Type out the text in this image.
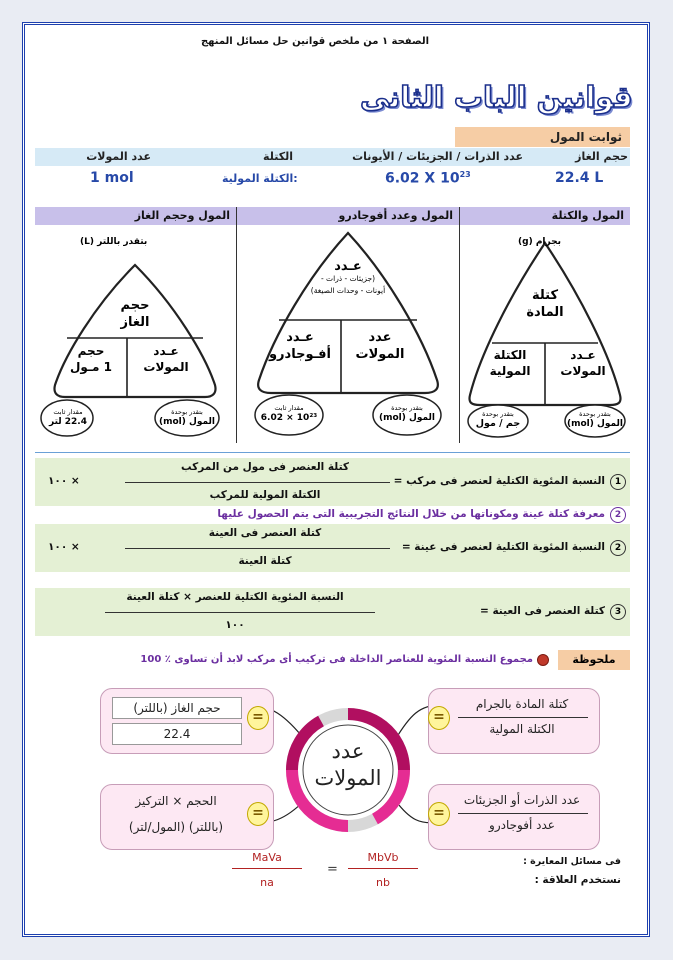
الصفحة ١ من ملخص قوانين حل مسائل المنهج
قوانين الباب الثانى
ثوابت المول
حجم الغاز
عدد الذرات / الجزيئات / الأيونات
الكتلة
عدد المولات
22.4 L
6.02 X $10^{23}$
:الكتلة المولية
1 mol
المول والكتلة
المول وعدد أفوجادرو
المول وحجم الغاز
بجرام (g)
كتلة
المادة
عـدد
المولات
الكتلة
المولية
بتقدر بوحدة
المول (mol)
بتقدر بوحدة
جم / مول
عـدد
(جزيئات - ذرات -
أيونات - وحدات الصيغة)
عدد
المولات
عـدد
أفـوجادرو
بتقدر بوحدة
المول (mol)
مقدار ثابت
10²³ × 6.02
بتقدر باللتر (L)
حجم
الغاز
عـدد
المولات
حجم
1 مـول
بتقدر بوحدة
المول (mol)
مقدار ثابت
22.4 لتر
1
النسبة المئوية الكتلية لعنصر فى مركب =
كتلة العنصر فى مول من المركب
الكتلة المولية للمركب
× ١٠٠
2
معرفة كتلة عينة ومكوناتها من خلال النتائج التجريبية التى يتم الحصول عليها
2
النسبة المئوية الكتلية لعنصر فى عينة =
كتلة العنصر فى العينة
كتلة العينة
× ١٠٠
3
كتلة العنصر فى العينة =
النسبة المئوية الكتلية للعنصر × كتلة العينة
١٠٠
ملحوظة
مجموع النسبة المئوية للعناصر الداخلة فى تركيب أى مركب لابد أن تساوى ٪ 100
عدد
المولات
=
كتلة المادة بالجرام
الكتلة المولية
=
عدد الذرات أو الجزيئات
عدد أفوجادرو
=
حجم الغاز (باللتر)
22.4
=
الحجم × التركيز
(باللتر) (المول/لتر)
فى مسائل المعايرة :
نستخدم العلاقة :
MaVa
na
=
MbVb
nb
